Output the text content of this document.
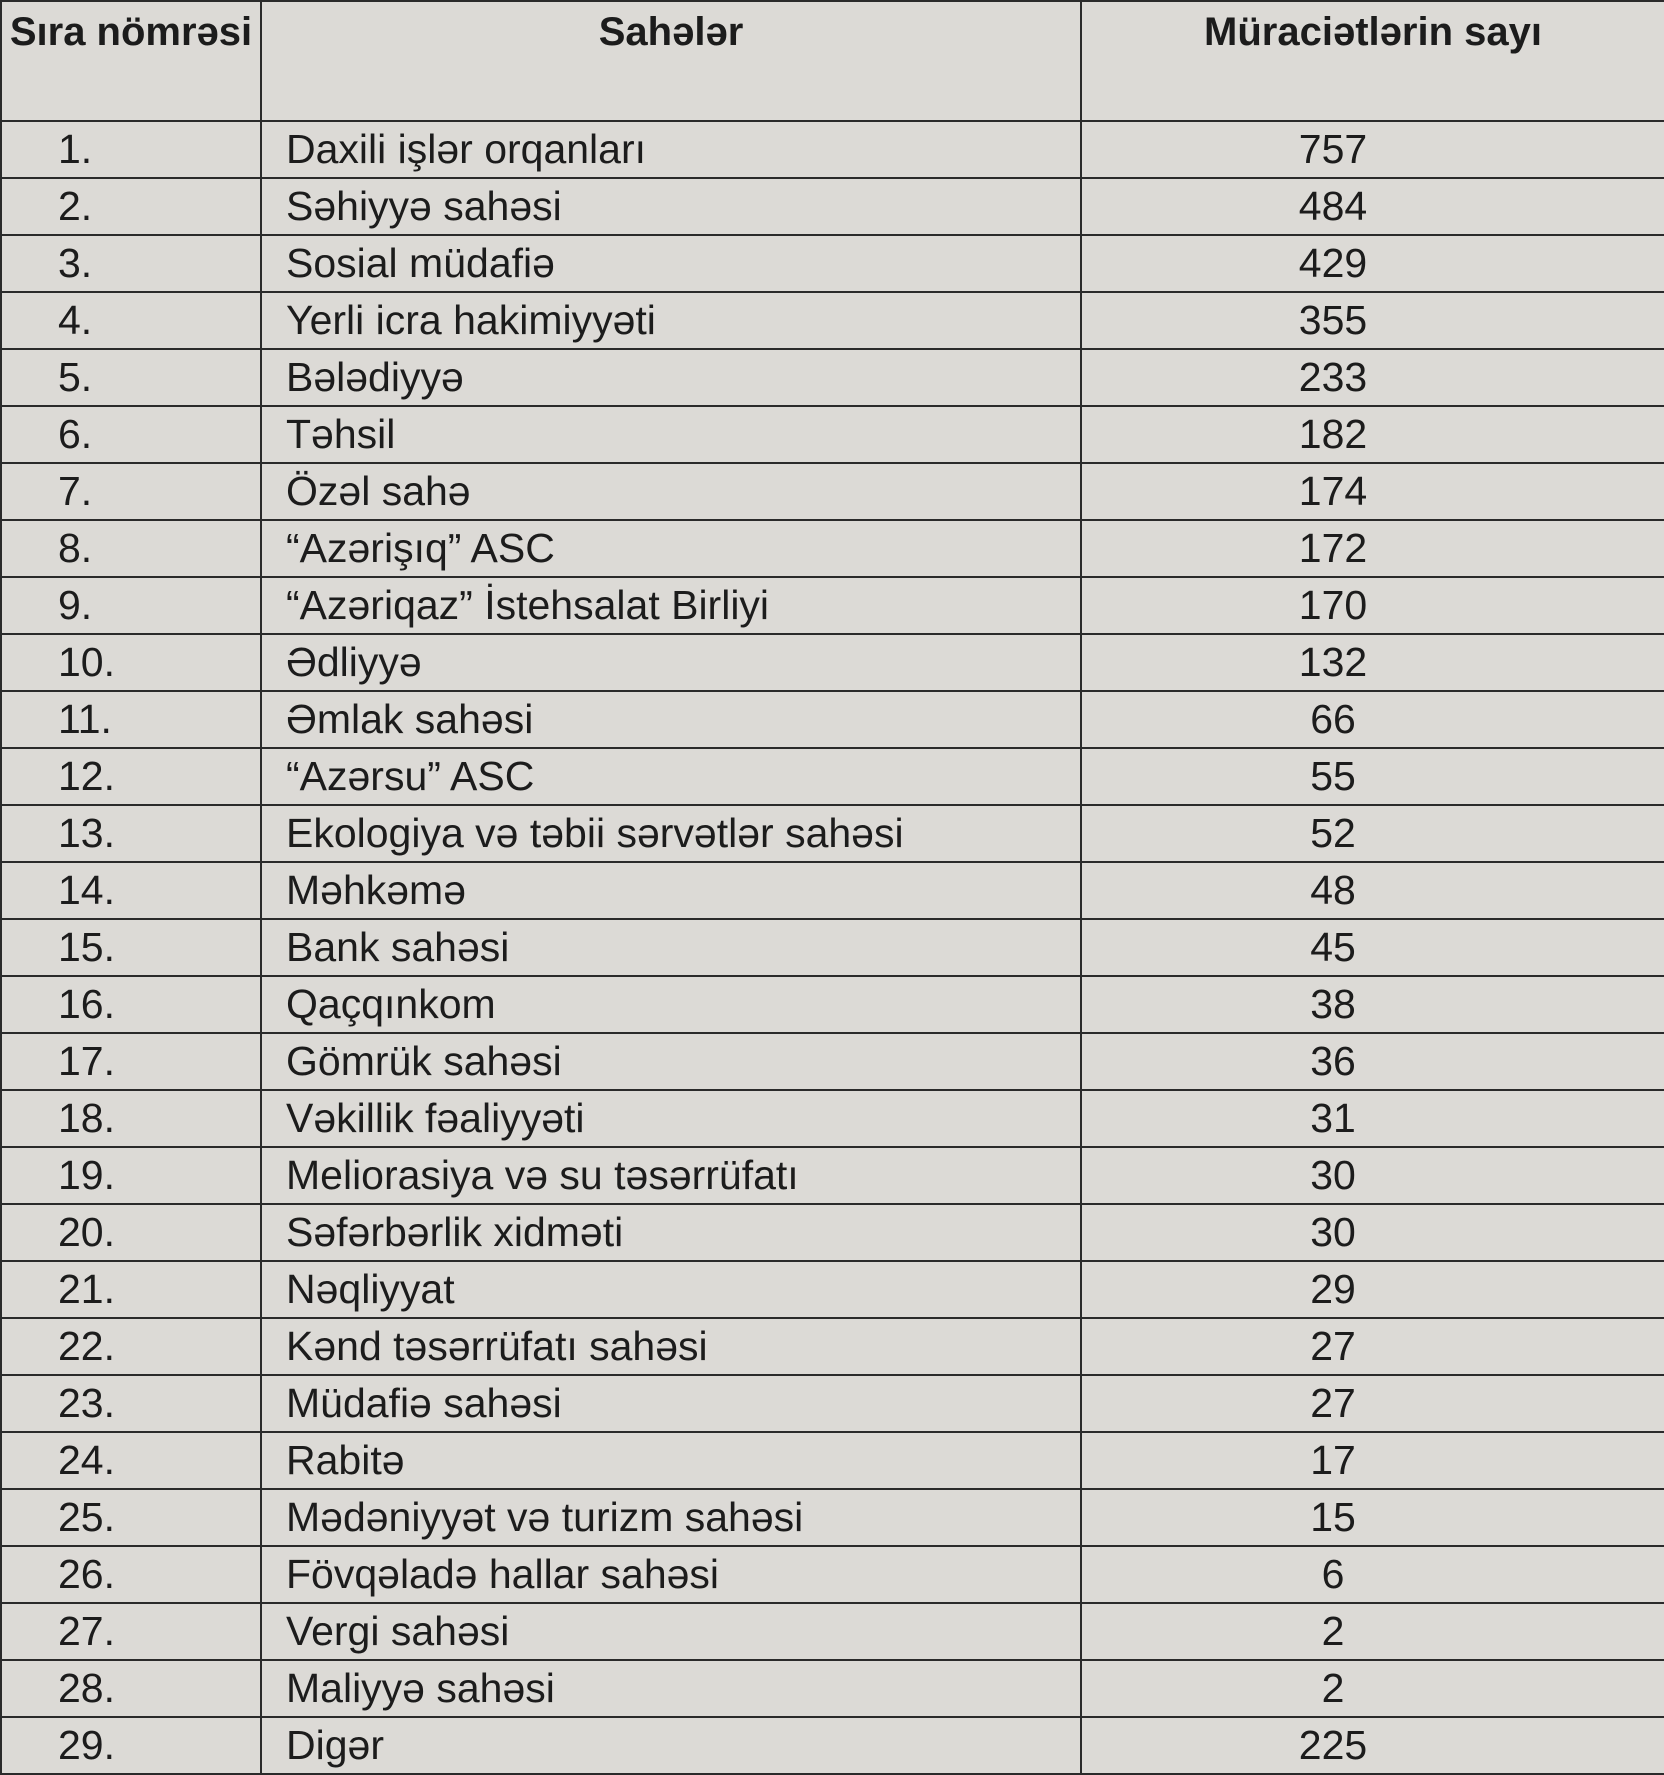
Sıra nömrəsi	Sahələr	Müraciətlərin sayı
1.	Daxili işlər orqanları	757
2.	Səhiyyə sahəsi	484
3.	Sosial müdafiə	429
4.	Yerli icra hakimiyyəti	355
5.	Bələdiyyə	233
6.	Təhsil	182
7.	Özəl sahə	174
8.	“Azərişıq” ASC	172
9.	“Azəriqaz” İstehsalat Birliyi	170
10.	Ədliyyə	132
11.	Əmlak sahəsi	66
12.	“Azərsu” ASC	55
13.	Ekologiya və təbii sərvətlər sahəsi	52
14.	Məhkəmə	48
15.	Bank sahəsi	45
16.	Qaçqınkom	38
17.	Gömrük sahəsi	36
18.	Vəkillik fəaliyyəti	31
19.	Meliorasiya və su təsərrüfatı	30
20.	Səfərbərlik xidməti	30
21.	Nəqliyyat	29
22.	Kənd təsərrüfatı sahəsi	27
23.	Müdafiə sahəsi	27
24.	Rabitə	17
25.	Mədəniyyət və turizm sahəsi	15
26.	Fövqəladə hallar sahəsi	6
27.	Vergi sahəsi	2
28.	Maliyyə sahəsi	2
29.	Digər	225
